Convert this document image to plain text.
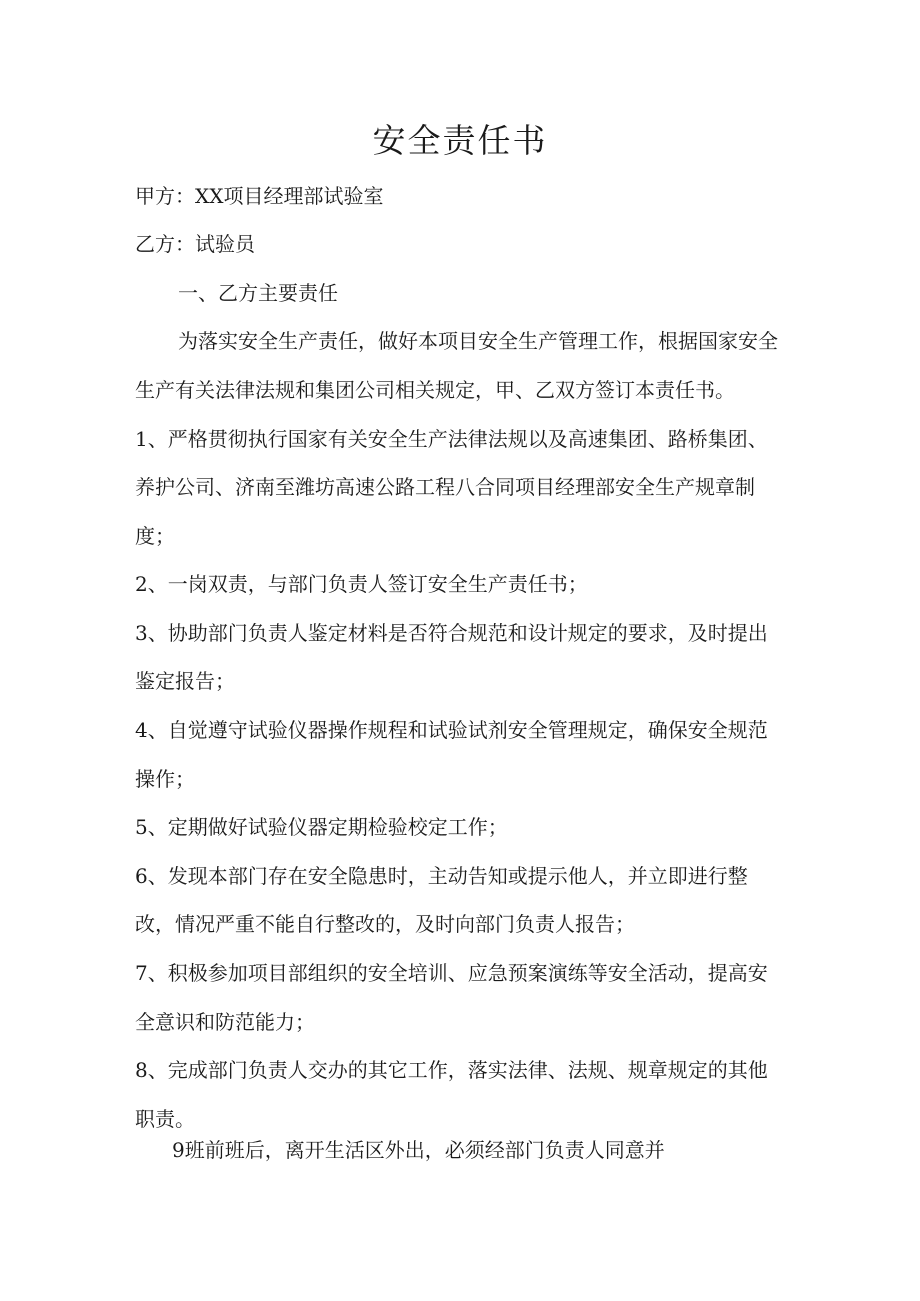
安全责任书
甲方：XX项目经理部试验室
乙方：试验员
一、乙方主要责任
为落实安全生产责任，做好本项目安全生产管理工作，根据国家安全
生产有关法律法规和集团公司相关规定，甲、乙双方签订本责任书。
1、严格贯彻执行国家有关安全生产法律法规以及高速集团、路桥集团、
养护公司、济南至潍坊高速公路工程八合同项目经理部安全生产规章制
度；
2、一岗双责，与部门负责人签订安全生产责任书；
3、协助部门负责人鉴定材料是否符合规范和设计规定的要求，及时提出
鉴定报告；
4、自觉遵守试验仪器操作规程和试验试剂安全管理规定，确保安全规范
操作；
5、定期做好试验仪器定期检验校定工作；
6、发现本部门存在安全隐患时，主动告知或提示他人，并立即进行整
改，情况严重不能自行整改的，及时向部门负责人报告；
7、积极参加项目部组织的安全培训、应急预案演练等安全活动，提高安
全意识和防范能力；
8、完成部门负责人交办的其它工作，落实法律、法规、规章规定的其他
职责。
9班前班后，离开生活区外出，必须经部门负责人同意并
